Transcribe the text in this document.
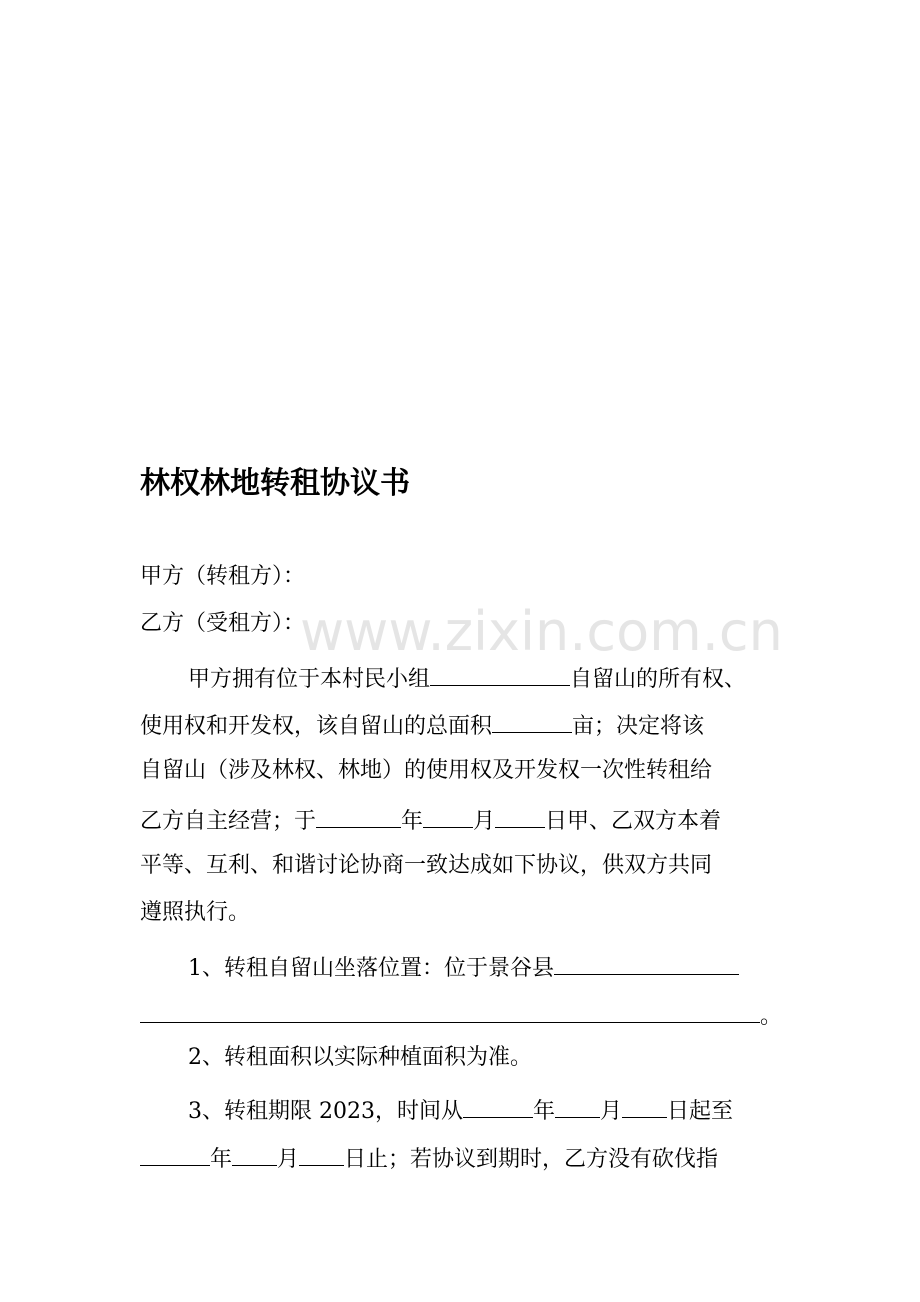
www.zixin.com.cn
林权林地转租协议书
甲方（转租方）：
乙方（受租方）：
甲方拥有位于本村民小组	自留山的所有权、
使用权和开发权，该自留山的总面积	亩；决定将该
自留山（涉及林权、林地）的使用权及开发权一次性转租给
乙方自主经营；于	年 月 日甲、乙双方本着
平等、互利、和谐讨论协商一致达成如下协议，供双方共同
遵照执行。
1、转租自留山坐落位置：位于景谷县
。
2、转租面积以实际种植面积为准。
3、转租期限 2023，时间从	年 月 日起至
年 月 日止；若协议到期时，乙方没有砍伐指
